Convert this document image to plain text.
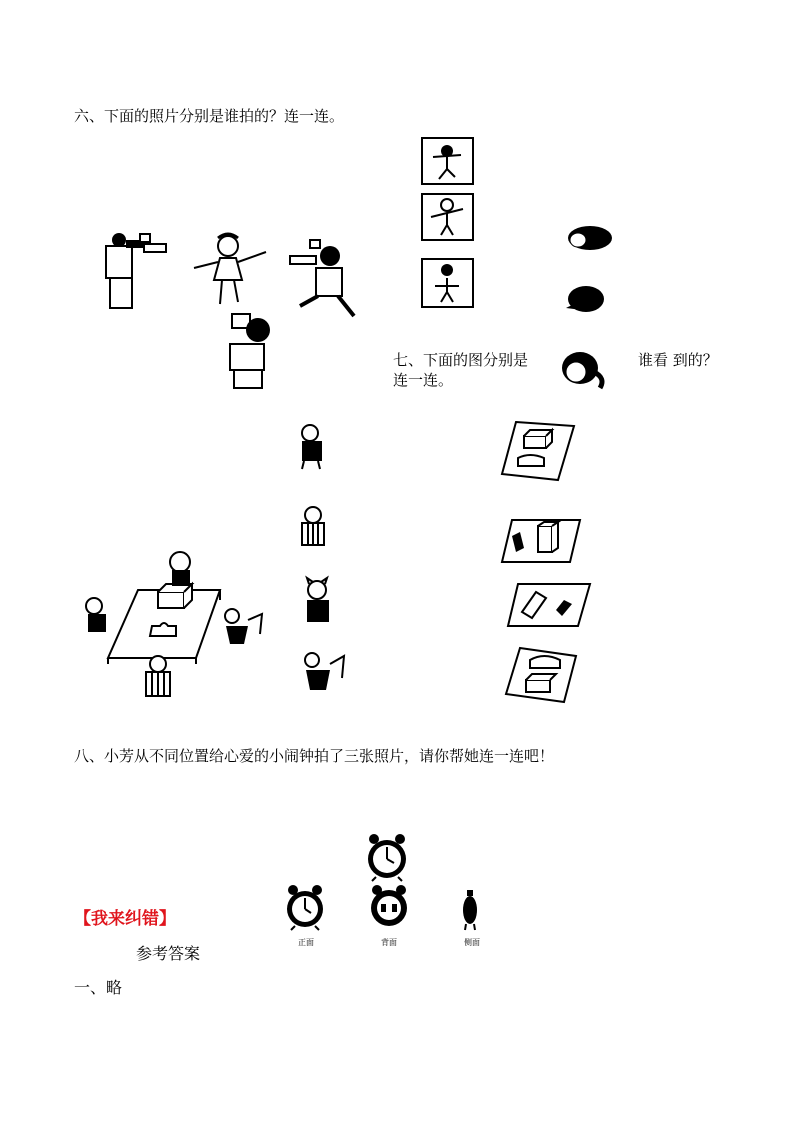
六、下面的照片分别是谁拍的？连一连。
七、下面的图分别是	谁看 到的？
连一连。
八、小芳从不同位置给心爱的小闹钟拍了三张照片，请你帮她连一连吧！
正面	背面	侧面
【我来纠错】
参考答案
一、略
